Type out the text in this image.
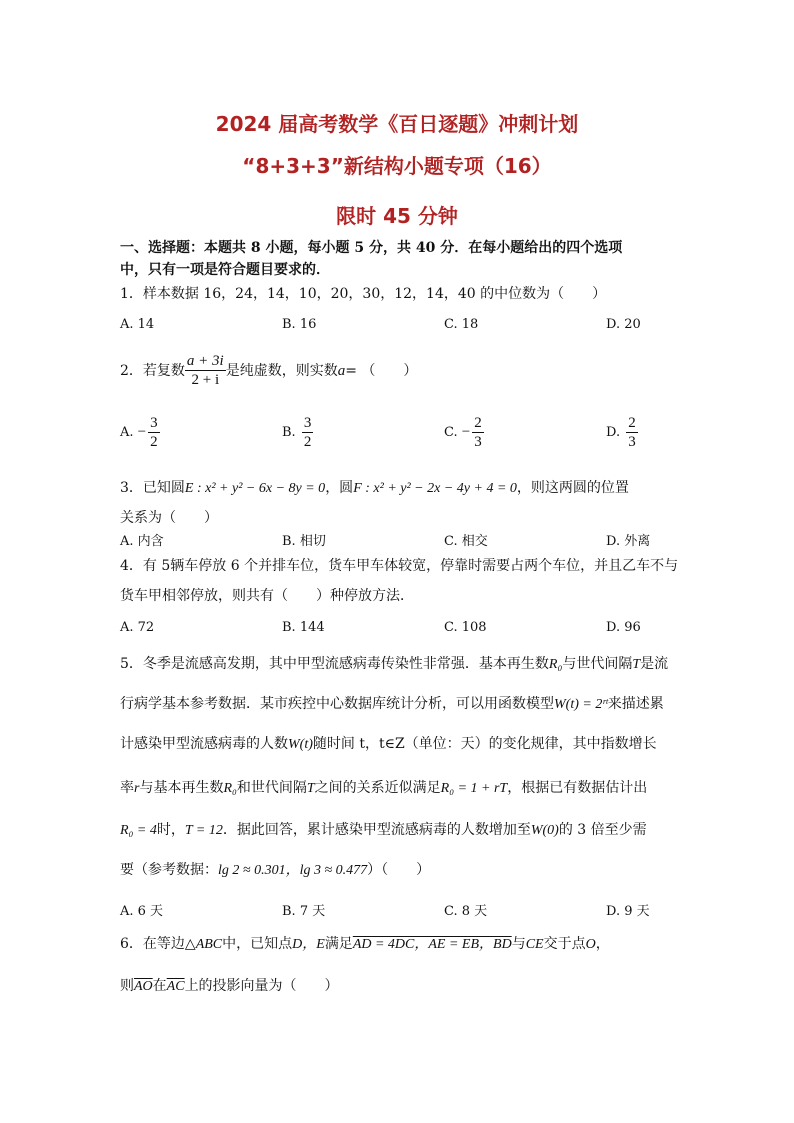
2024 届高考数学《百日逐题》冲刺计划
“8+3+3”新结构小题专项（16）
限时 45 分钟
一、选择题：本题共 8 小题，每小题 5 分，共 40 分．在每小题给出的四个选项
中，只有一项是符合题目要求的．
1．样本数据 16，24，14，10，20，30，12，14，40 的中位数为（　　）
A. 14	B. 16	C. 18	D. 20
2．若复数 $\frac{a + 3i}{2 + i}$ 是纯虚数，则实数 a = （　　）
A.
− $\frac{3}{2}$	B.
$\frac{3}{2}$	C.
− $\frac{2}{3}$	D.
$\frac{2}{3}$
3．已知圆E : x² + y² − 6x − 8y = 0，圆F : x² + y² − 2x − 4y + 4 = 0，则这两圆的位置
关系为（　　）
A. 内含	B. 相切	C. 相交	D. 外离
4．有 5辆车停放 6 个并排车位，货车甲车体较宽，停靠时需要占两个车位，并且乙车不与
货车甲相邻停放，则共有（　　）种停放方法．
A. 72	B. 144	C. 108	D. 96
5．冬季是流感高发期，其中甲型流感病毒传染性非常强．基本再生数R₀与世代间隔T是流
行病学基本参考数据．某市疾控中心数据库统计分析，可以用函数模型W(t) = 2ʳᵗ来描述累
计感染甲型流感病毒的人数W(t)随时间 t，t∈Z（单位：天）的变化规律，其中指数增长
率r与基本再生数R₀和世代间隔T之间的关系近似满足R₀ = 1 + rT，根据已有数据估计出
R₀ = 4时，T = 12．据此回答，累计感染甲型流感病毒的人数增加至W(0)的 3 倍至少需
要（参考数据：lg 2 ≈ 0.301，lg 3 ≈ 0.477）（　　）
A. 6 天	B. 7 天	C. 8 天	D. 9 天
6．在等边△ABC中，已知点D，E满足AD = 4DC，AE = EB，BD与CE交于点O，
则$\overline{AO}$在$\overline{AC}$上的投影向量为（　　）
